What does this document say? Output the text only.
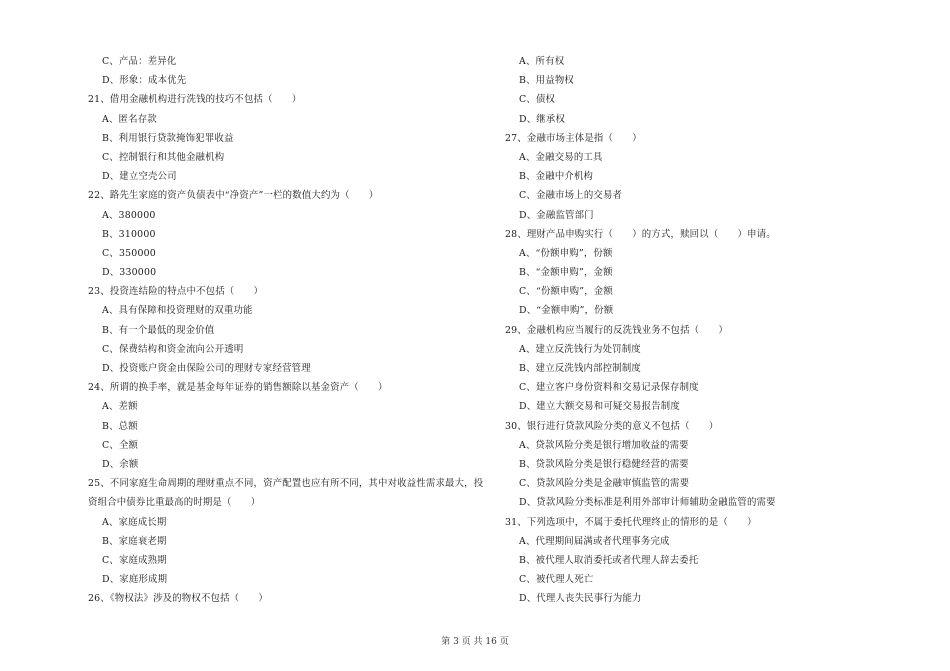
C、产品：差异化
D、形象：成本优先
21、借用金融机构进行洗钱的技巧不包括（　　）
A、匿名存款
B、利用银行贷款掩饰犯罪收益
C、控制银行和其他金融机构
D、建立空壳公司
22、路先生家庭的资产负债表中“净资产”一栏的数值大约为（　　）
A、380000
B、310000
C、350000
D、330000
23、投资连结险的特点中不包括（　　）
A、具有保障和投资理财的双重功能
B、有一个最低的现金价值
C、保费结构和资金流向公开透明
D、投资账户资金由保险公司的理财专家经营管理
24、所谓的换手率，就是基金每年证券的销售额除以基金资产（　　）
A、差额
B、总额
C、全额
D、余额
25、不同家庭生命周期的理财重点不同，资产配置也应有所不同，其中对收益性需求最大，投
资组合中债券比重最高的时期是（　　）
A、家庭成长期
B、家庭衰老期
C、家庭成熟期
D、家庭形成期
26、《物权法》涉及的物权不包括（　　）
A、所有权
B、用益物权
C、债权
D、继承权
27、金融市场主体是指（　　）
A、金融交易的工具
B、金融中介机构
C、金融市场上的交易者
D、金融监管部门
28、理财产品申购实行（　　）的方式，赎回以（　　）申请。
A、“份额申购”，份额
B、“金额申购”，金额
C、“份额申购”，金额
D、“金额申购”，份额
29、金融机构应当履行的反洗钱业务不包括（　　）
A、建立反洗钱行为处罚制度
B、建立反洗钱内部控制制度
C、建立客户身份资料和交易记录保存制度
D、建立大额交易和可疑交易报告制度
30、银行进行贷款风险分类的意义不包括（　　）
A、贷款风险分类是银行增加收益的需要
B、贷款风险分类是银行稳健经营的需要
C、贷款风险分类是金融审慎监管的需要
D、贷款风险分类标准是利用外部审计师辅助金融监管的需要
31、下列选项中，不属于委托代理终止的情形的是（　　）
A、代理期间届满或者代理事务完成
B、被代理人取消委托或者代理人辞去委托
C、被代理人死亡
D、代理人丧失民事行为能力
第 3 页 共 16 页
